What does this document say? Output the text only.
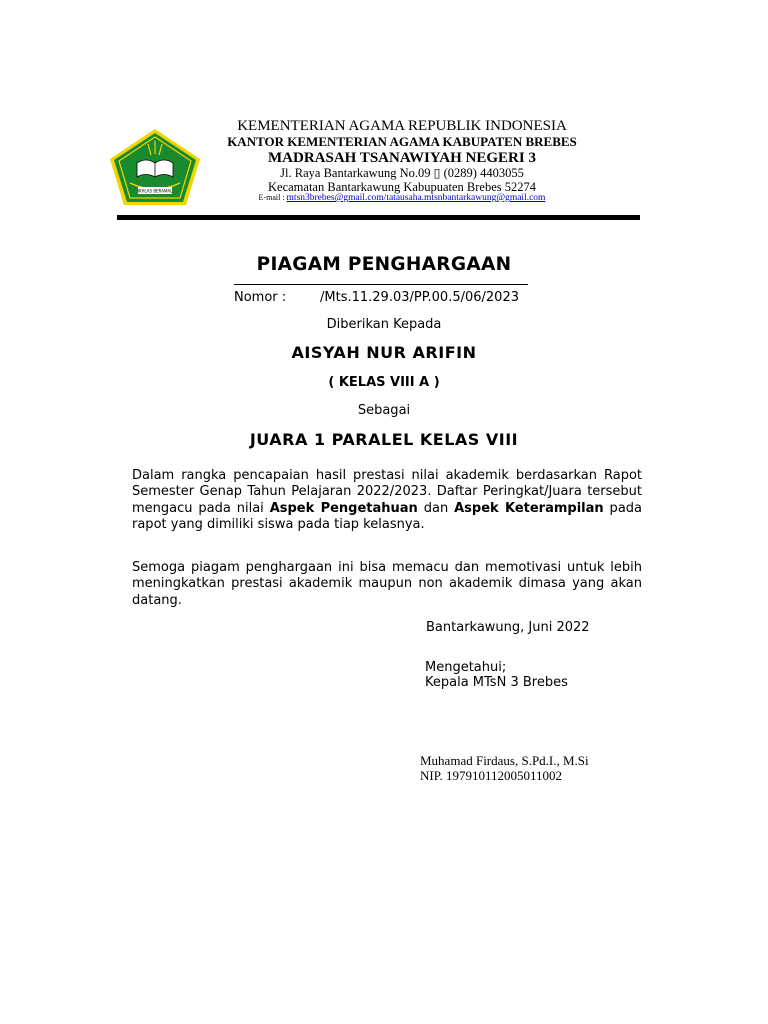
IKHLAS BERAMAL
KEMENTERIAN AGAMA REPUBLIK INDONESIA
KANTOR KEMENTERIAN AGAMA KABUPATEN BREBES
MADRASAH TSANAWIYAH NEGERI 3
Jl. Raya Bantarkawung No.09 ▯ (0289) 4403055
Kecamatan Bantarkawung Kabupuaten Brebes 52274
E-mail : mtsn3brebes@gmail.com/tatausaha.mtsnbantarkawung@gmail.com
PIAGAM PENGHARGAAN
Nomor :	/Mts.11.29.03/PP.00.5/06/2023
Diberikan Kepada
AISYAH NUR ARIFIN
( KELAS VIII A )
Sebagai
JUARA 1 PARALEL KELAS VIII
Dalam rangka pencapaian hasil prestasi nilai akademik berdasarkan Rapot Semester Genap Tahun Pelajaran 2022/2023. Daftar Peringkat/Juara tersebut mengacu pada nilai Aspek Pengetahuan dan Aspek Keterampilan pada rapot yang dimiliki siswa pada tiap kelasnya.
Semoga piagam penghargaan ini bisa memacu dan memotivasi untuk lebih meningkatkan prestasi akademik maupun non akademik dimasa yang akan datang.
Bantarkawung, Juni 2022
Mengetahui;
Kepala MTsN 3 Brebes
Muhamad Firdaus, S.Pd.I., M.Si
NIP. 197910112005011002
